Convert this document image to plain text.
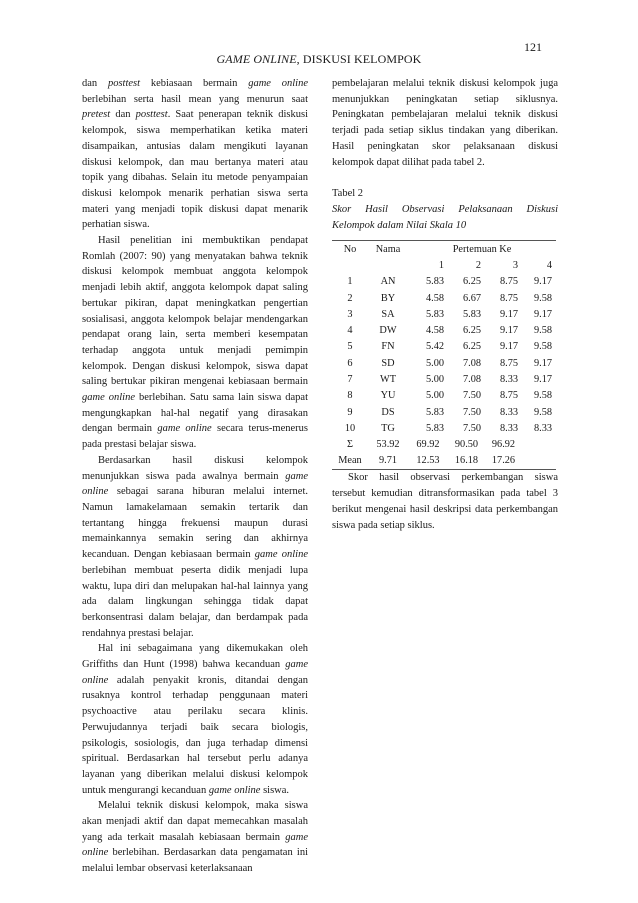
121
GAME ONLINE, DISKUSI KELOMPOK

dan posttest kebiasaan bermain game online berlebihan serta hasil mean yang menurun saat pretest dan posttest. Saat penerapan teknik diskusi kelompok, siswa memperhatikan ketika materi disampaikan, antusias dalam mengikuti layanan diskusi kelompok, dan mau bertanya materi atau topik yang dibahas. Selain itu metode penyampaian diskusi kelompok menarik perhatian siswa serta materi yang menjadi topik diskusi dapat menarik perhatian siswa.

Hasil penelitian ini membuktikan pendapat Romlah (2007: 90) yang menyatakan bahwa teknik diskusi kelompok membuat anggota kelompok menjadi lebih aktif, anggota kelompok dapat saling bertukar pikiran, dapat meningkatkan pengertian sosialisasi, anggota kelompok belajar mendengarkan pendapat orang lain, serta memberi kesempatan terhadap anggota untuk menjadi pemimpin kelompok. Dengan diskusi kelompok, siswa dapat saling bertukar pikiran mengenai kebiasaan bermain game online berlebihan. Satu sama lain siswa dapat mengungkapkan hal-hal negatif yang dirasakan dengan bermain game online secara terus-menerus pada prestasi belajar siswa.

Berdasarkan hasil diskusi kelompok menunjukkan siswa pada awalnya bermain game online sebagai sarana hiburan melalui internet. Namun lamakelamaan semakin tertarik dan tertantang hingga frekuensi maupun durasi memainkannya semakin sering dan akhirnya kecanduan. Dengan kebiasaan bermain game online berlebihan membuat peserta didik menjadi lupa waktu, lupa diri dan melupakan hal-hal lainnya yang ada dalam lingkungan sehingga tidak dapat berkonsentrasi dalam belajar, dan berdampak pada rendahnya prestasi belajar.

Hal ini sebagaimana yang dikemukakan oleh Griffiths dan Hunt (1998) bahwa kecanduan game online adalah penyakit kronis, ditandai dengan rusaknya kontrol terhadap penggunaan materi psychoactive atau perilaku secara klinis. Perwujudannya terjadi baik secara biologis, psikologis, sosiologis, dan juga terhadap dimensi spiritual. Berdasarkan hal tersebut perlu adanya layanan yang diberikan melalui diskusi kelompok untuk mengurangi kecanduan game online siswa.

Melalui teknik diskusi kelompok, maka siswa akan menjadi aktif dan dapat memecahkan masalah yang ada terkait masalah kebiasaan bermain game online berlebihan. Berdasarkan data pengamatan ini melalui lembar observasi keterlaksanaan

pembelajaran melalui teknik diskusi kelompok juga menunjukkan peningkatan setiap siklusnya. Peningkatan pembelajaran melalui teknik diskusi terjadi pada setiap siklus tindakan yang diberikan. Hasil peningkatan skor pelaksanaan diskusi kelompok dapat dilihat pada tabel 2.

Tabel 2
Skor Hasil Observasi Pelaksanaan Diskusi Kelompok dalam Nilai Skala 10
No	Nama	Pertemuan Ke			
		1	2	3	4
1	AN	5.83	6.25	8.75	9.17
2	BY	4.58	6.67	8.75	9.58
3	SA	5.83	5.83	9.17	9.17
4	DW	4.58	6.25	9.17	9.58
5	FN	5.42	6.25	9.17	9.58
6	SD	5.00	7.08	8.75	9.17
7	WT	5.00	7.08	8.33	9.17
8	YU	5.00	7.50	8.75	9.58
9	DS	5.83	7.50	8.33	9.58
10	TG	5.83	7.50	8.33	8.33
Σ	53.92	69.92	90.50	96.92	
Mean	9.71	12.53	16.18	17.26	

Skor hasil observasi perkembangan siswa tersebut kemudian ditransformasikan pada tabel 3 berikut mengenai hasil deskripsi data perkembangan siswa pada setiap siklus.
